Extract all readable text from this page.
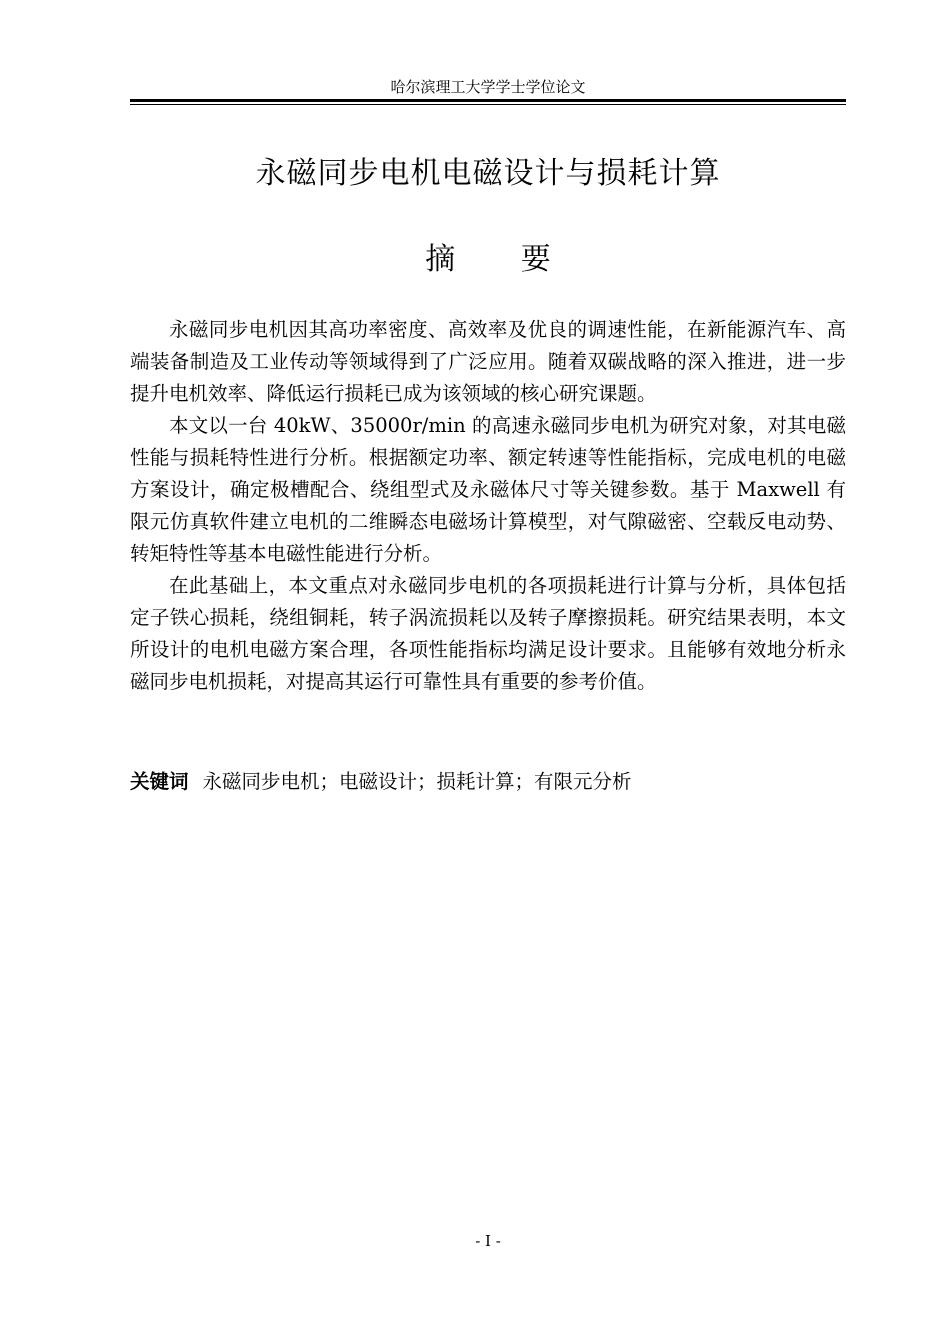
哈尔滨理工大学学士学位论文
永磁同步电机电磁设计与损耗计算
摘 要

永磁同步电机因其高功率密度、高效率及优良的调速性能，在新能源汽车、高端装备制造及工业传动等领域得到了广泛应用。随着双碳战略的深入推进，进一步提升电机效率、降低运行损耗已成为该领域的核心研究课题。

本文以一台 40kW、35000r/min 的高速永磁同步电机为研究对象，对其电磁性能与损耗特性进行分析。根据额定功率、额定转速等性能指标，完成电机的电磁方案设计，确定极槽配合、绕组型式及永磁体尺寸等关键参数。基于 Maxwell 有限元仿真软件建立电机的二维瞬态电磁场计算模型，对气隙磁密、空载反电动势、转矩特性等基本电磁性能进行分析。

在此基础上，本文重点对永磁同步电机的各项损耗进行计算与分析，具体包括定子铁心损耗，绕组铜耗，转子涡流损耗以及转子摩擦损耗。研究结果表明，本文所设计的电机电磁方案合理，各项性能指标均满足设计要求。且能够有效地分析永磁同步电机损耗，对提高其运行可靠性具有重要的参考价值。

关键词 永磁同步电机；电磁设计；损耗计算；有限元分析
- I -
